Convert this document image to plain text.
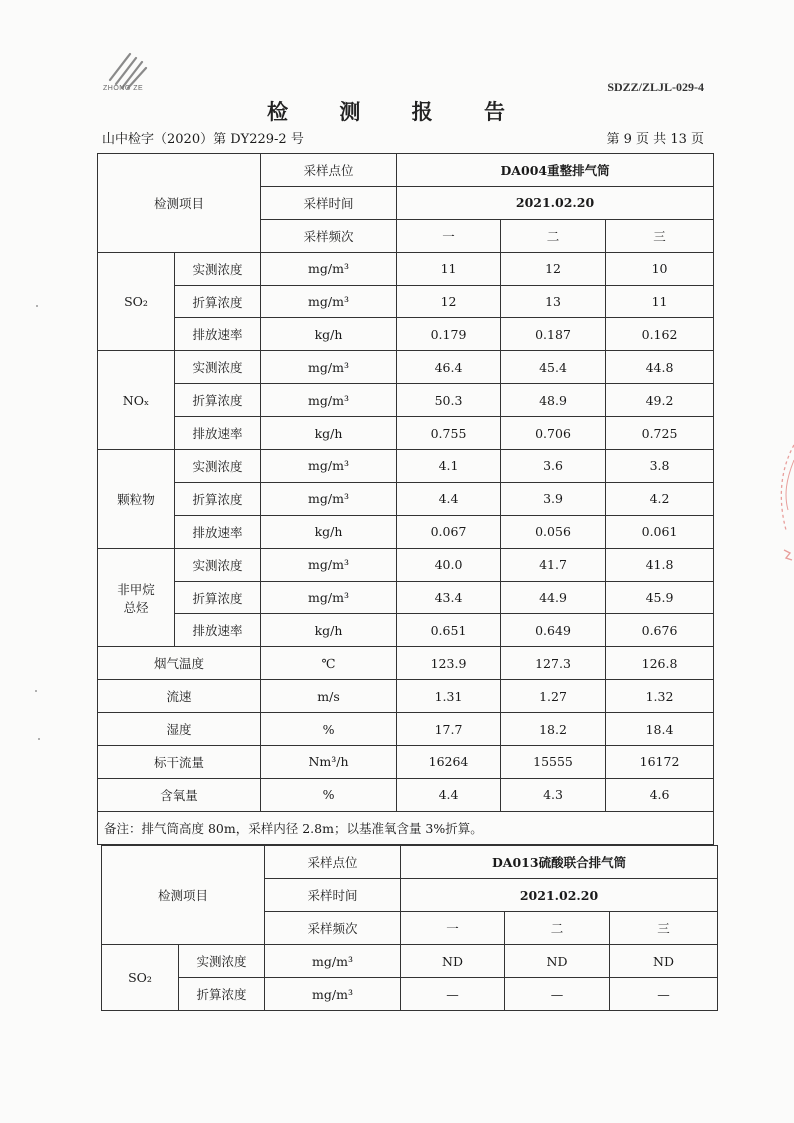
ZHONG ZE	SDZZ/ZLJL-029-4
检 测 报 告
山中检字（2020）第 DY229-2 号	第 9 页 共 13 页
检测项目		采样点位	DA004重整排气筒		
		采样时间	2021.02.20		
		采样频次	一	二	三
SO₂	实测浓度	mg/m³	11	12	10
	折算浓度	mg/m³	12	13	11
	排放速率	kg/h	0.179	0.187	0.162
NOₓ	实测浓度	mg/m³	46.4	45.4	44.8
	折算浓度	mg/m³	50.3	48.9	49.2
	排放速率	kg/h	0.755	0.706	0.725
颗粒物	实测浓度	mg/m³	4.1	3.6	3.8
	折算浓度	mg/m³	4.4	3.9	4.2
	排放速率	kg/h	0.067	0.056	0.061

非甲烷
总烃	实测浓度	mg/m³	40.0	41.7	41.8
	折算浓度	mg/m³	43.4	44.9	45.9
	排放速率	kg/h	0.651	0.649	0.676
烟气温度		℃	123.9	127.3	126.8
流速		m/s	1.31	1.27	1.32
湿度		%	17.7	18.2	18.4
标干流量		Nm³/h	16264	15555	16172
含氧量		%	4.4	4.3	4.6
备注：排气筒高度 80m，采样内径 2.8m；以基准氧含量 3%折算。					
检测项目		采样点位	DA013硫酸联合排气筒		
		采样时间	2021.02.20		
		采样频次	一	二	三
SO₂	实测浓度	mg/m³	ND	ND	ND
	折算浓度	mg/m³	—	—	—
